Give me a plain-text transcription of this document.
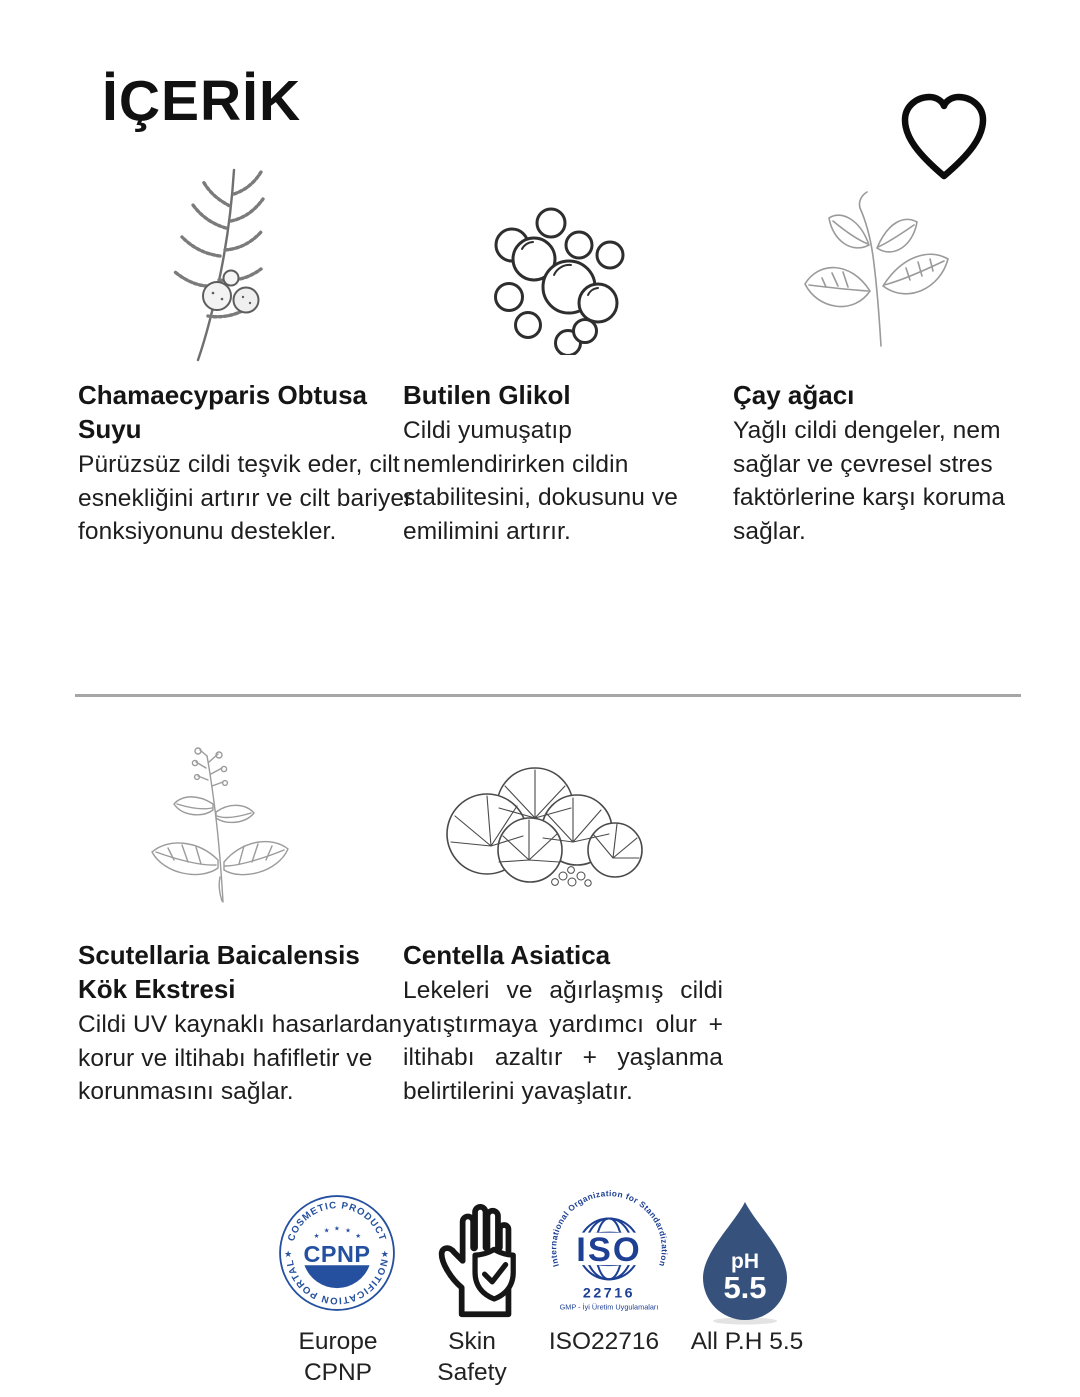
İÇERİK
Chamaecyparis Obtusa Suyu
Pürüzsüz cildi teşvik eder, cilt esnekliğini artırır ve cilt bariyer fonksiyonunu destekler.
Butilen Glikol
Cildi yumuşatıp nemlendirirken cildin stabilitesini, dokusunu ve emilimini artırır.
Çay ağacı
Yağlı cildi dengeler, nem sağlar ve çevresel stres faktörlerine karşı koruma sağlar.
Scutellaria Baicalensis Kök Ekstresi
Cildi UV kaynaklı hasarlardan korur ve iltihabı hafifletir ve korunmasını sağlar.
Centella Asiatica
Lekeleri ve ağırlaşmış cildi yatıştırmaya yardımcı olur + iltihabı azaltır + yaşlanma belirtilerini yavaşlatır.
COSMETIC PRODUCT
NOTIFICATION PORTAL
★	★
★
★ ★ ★
★
CPNP	International Organization for Standardization
ISO
22716
GMP - İyi Üretim Uygulamaları
pH
5.5
Europe
CPNP
Skin
Safety
ISO22716	All P.H 5.5
